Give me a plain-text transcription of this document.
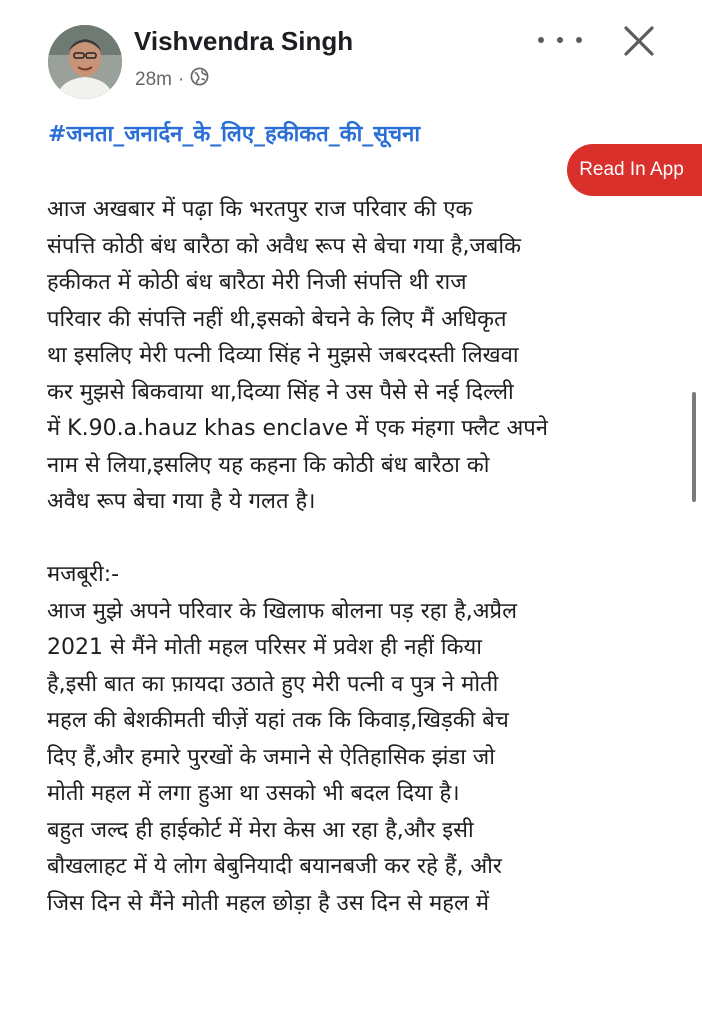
Vishvendra Singh
28m ·
#जनता_जनार्दन_के_लिए_हकीकत_की_सूचना
Read In App
आज अखबार में पढ़ा कि भरतपुर राज परिवार की एक
संपत्ति कोठी बंध बारैठा को अवैध रूप से बेचा गया है,जबकि
हकीकत में कोठी बंध बारैठा मेरी निजी संपत्ति थी राज
परिवार की संपत्ति नहीं थी,इसको बेचने के लिए मैं अधिकृत
था इसलिए मेरी पत्नी दिव्या सिंह ने मुझसे जबरदस्ती लिखवा
कर मुझसे बिकवाया था,दिव्या सिंह ने उस पैसे से नई दिल्ली
में K.90.a.hauz khas enclave में एक मंहगा फ्लैट अपने
नाम से लिया,इसलिए यह कहना कि कोठी बंध बारैठा को
अवैध रूप बेचा गया है ये गलत है।
मजबूरी:-
आज मुझे अपने परिवार के खिलाफ बोलना पड़ रहा है,अप्रैल
2021 से मैंने मोती महल परिसर में प्रवेश ही नहीं किया
है,इसी बात का फ़ायदा उठाते हुए मेरी पत्नी व पुत्र ने मोती
महल की बेशकीमती चीज़ें यहां तक कि किवाड़,खिड़की बेच
दिए हैं,और हमारे पुरखों के जमाने से ऐतिहासिक झंडा जो
मोती महल में लगा हुआ था उसको भी बदल दिया है।
बहुत जल्द ही हाईकोर्ट में मेरा केस आ रहा है,और इसी
बौखलाहट में ये लोग बेबुनियादी बयानबजी कर रहे हैं, और
जिस दिन से मैंने मोती महल छोड़ा है उस दिन से महल में
